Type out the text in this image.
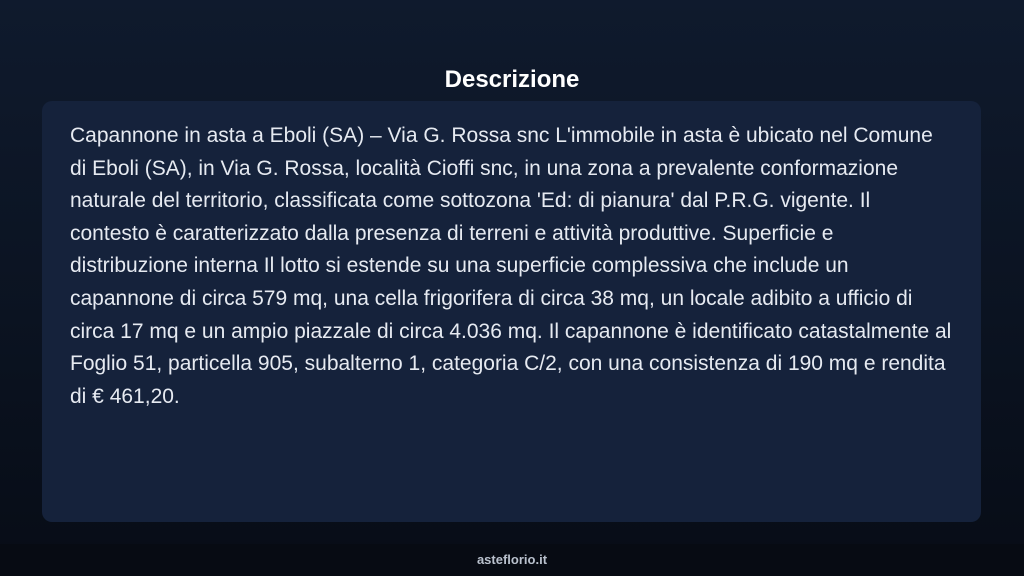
Descrizione

Capannone in asta a Eboli (SA) – Via G. Rossa snc L'immobile in asta è ubicato nel Comune di Eboli (SA), in Via G. Rossa, località Cioffi snc, in una zona a prevalente conformazione naturale del territorio, classificata come sottozona 'Ed: di pianura' dal P.R.G. vigente. Il contesto è caratterizzato dalla presenza di terreni e attività produttive. Superficie e distribuzione interna Il lotto si estende su una superficie complessiva che include un capannone di circa 579 mq, una cella frigorifera di circa 38 mq, un locale adibito a ufficio di circa 17 mq e un ampio piazzale di circa 4.036 mq. Il capannone è identificato catastalmente al Foglio 51, particella 905, subalterno 1, categoria C/2, con una consistenza di 190 mq e rendita di € 461,20.

asteflorio.it
